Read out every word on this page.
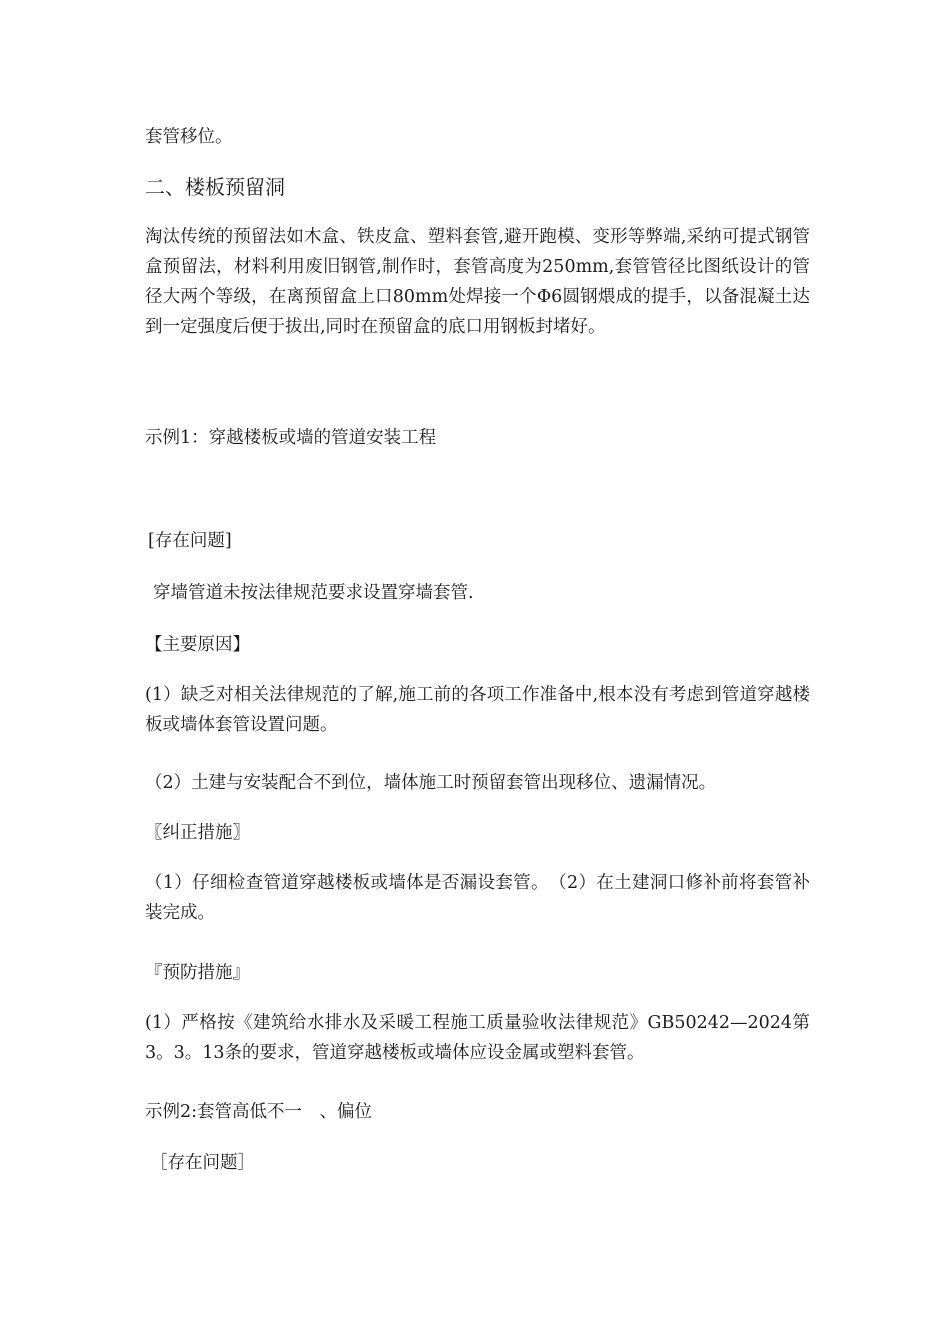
套管移位。

二、楼板预留洞

淘汰传统的预留法如木盒、铁皮盒、塑料套管,避开跑模、变形等弊端,采纳可提式钢管盒预留法，材料利用废旧钢管,制作时，套管高度为250mm,套管管径比图纸设计的管径大两个等级，在离预留盒上口80mm处焊接一个Φ6圆钢煨成的提手，以备混凝土达到一定强度后便于拔出,同时在预留盒的底口用钢板封堵好。

示例1：穿越楼板或墙的管道安装工程

[存在问题]

穿墙管道未按法律规范要求设置穿墙套管.

【主要原因】

(1）缺乏对相关法律规范的了解,施工前的各项工作准备中,根本没有考虑到管道穿越楼板或墙体套管设置问题。

（2）土建与安装配合不到位，墙体施工时预留套管出现移位、遗漏情况。

〖纠正措施〗

（1）仔细检查管道穿越楼板或墙体是否漏设套管。　（2）在土建洞口修补前将套管补装完成。

『预防措施』

(1）严格按《建筑给水排水及采暖工程施工质量验收法律规范》GB50242—2024第3。3。13条的要求，管道穿越楼板或墙体应设金属或塑料套管。

示例2:套管高低不一　、偏位

［存在问题］
